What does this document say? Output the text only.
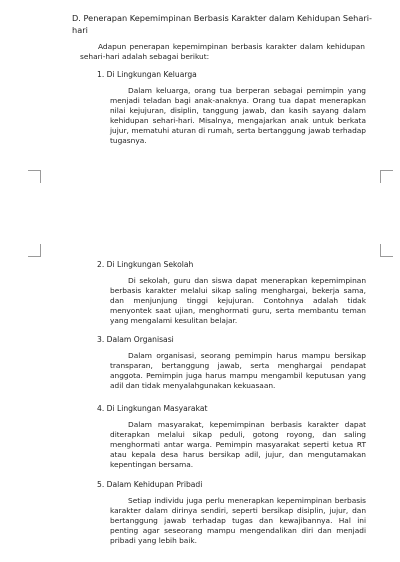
D. Penerapan Kepemimpinan Berbasis Karakter dalam Kehidupan Sehari-hari

Adapun penerapan kepemimpinan berbasis karakter dalam kehidupan sehari-hari adalah sebagai berikut:

1. Di Lingkungan Keluarga

Dalam keluarga, orang tua berperan sebagai pemimpin yang menjadi teladan bagi anak-anaknya. Orang tua dapat menerapkan nilai kejujuran, disiplin, tanggung jawab, dan kasih sayang dalam kehidupan sehari-hari. Misalnya, mengajarkan anak untuk berkata jujur, mematuhi aturan di rumah, serta bertanggung jawab terhadap tugasnya.

2. Di Lingkungan Sekolah

Di sekolah, guru dan siswa dapat menerapkan kepemimpinan berbasis karakter melalui sikap saling menghargai, bekerja sama, dan menjunjung tinggi kejujuran. Contohnya adalah tidak menyontek saat ujian, menghormati guru, serta membantu teman yang mengalami kesulitan belajar.

3. Dalam Organisasi

Dalam organisasi, seorang pemimpin harus mampu bersikap transparan, bertanggung jawab, serta menghargai pendapat anggota. Pemimpin juga harus mampu mengambil keputusan yang adil dan tidak menyalahgunakan kekuasaan.

4. Di Lingkungan Masyarakat

Dalam masyarakat, kepemimpinan berbasis karakter dapat diterapkan melalui sikap peduli, gotong royong, dan saling menghormati antar warga. Pemimpin masyarakat seperti ketua RT atau kepala desa harus bersikap adil, jujur, dan mengutamakan kepentingan bersama.

5. Dalam Kehidupan Pribadi

Setiap individu juga perlu menerapkan kepemimpinan berbasis karakter dalam dirinya sendiri, seperti bersikap disiplin, jujur, dan bertanggung jawab terhadap tugas dan kewajibannya. Hal ini penting agar seseorang mampu mengendalikan diri dan menjadi pribadi yang lebih baik.
